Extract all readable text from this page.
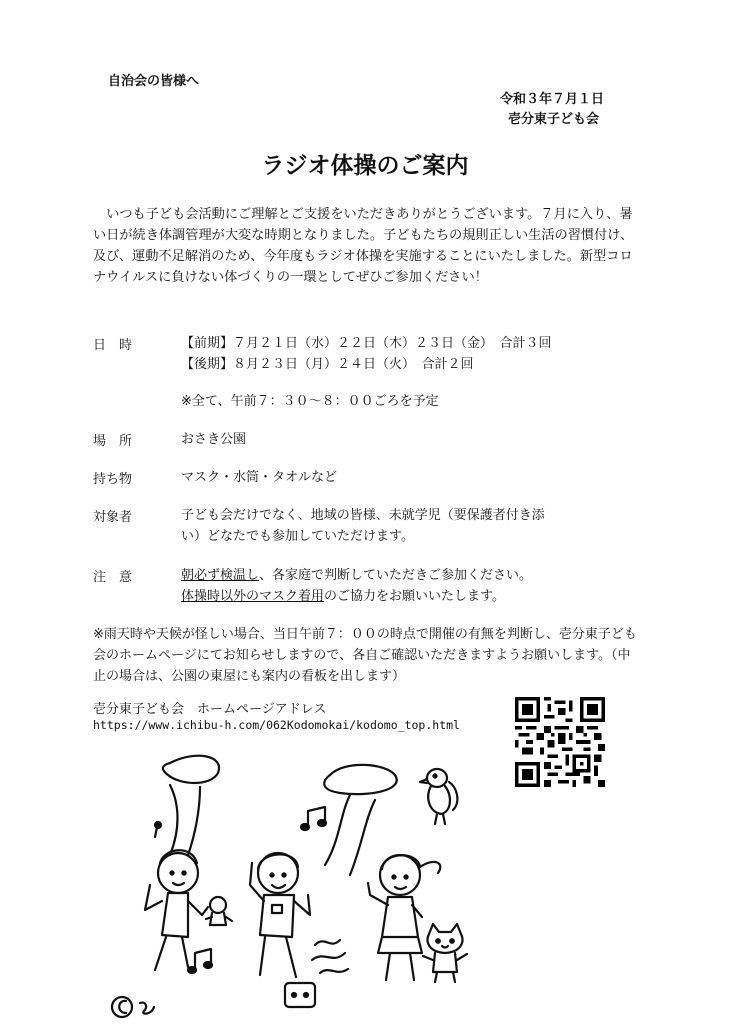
自治会の皆様へ
令和３年７月１日
壱分東子ども会
ラジオ体操のご案内

いつも子ども会活動にご理解とご支援をいただきありがとうございます。７月に入り、暑い日が続き体調管理が大変な時期となりました。子どもたちの規則正しい生活の習慣付け、及び、運動不足解消のため、今年度もラジオ体操を実施することにいたしました。新型コロナウイルスに負けない体づくりの一環としてぜひご参加ください！

日　時	【前期】７月２１日（水）２２日（木）２３日（金）　合計３回
【後期】８月２３日（月）２４日（火）　合計２回
※全て、午前７：３０～８：００ごろを予定
場　所	おさき公園
持ち物	マスク・水筒・タオルなど
対象者	子ども会だけでなく、地域の皆様、未就学児（要保護者付き添
い）どなたでも参加していただけます。
注　意	朝必ず検温し、各家庭で判断していただきご参加ください。
体操時以外のマスク着用のご協力をお願いいたします。

※雨天時や天候が怪しい場合、当日午前７：００の時点で開催の有無を判断し、壱分東子ども会のホームページにてお知らせしますので、各自ご確認いただきますようお願いします。（中止の場合は、公園の東屋にも案内の看板を出します）

壱分東子ども会　ホームページアドレス
https://www.ichibu-h.com/062Kodomokai/kodomo_top.html
